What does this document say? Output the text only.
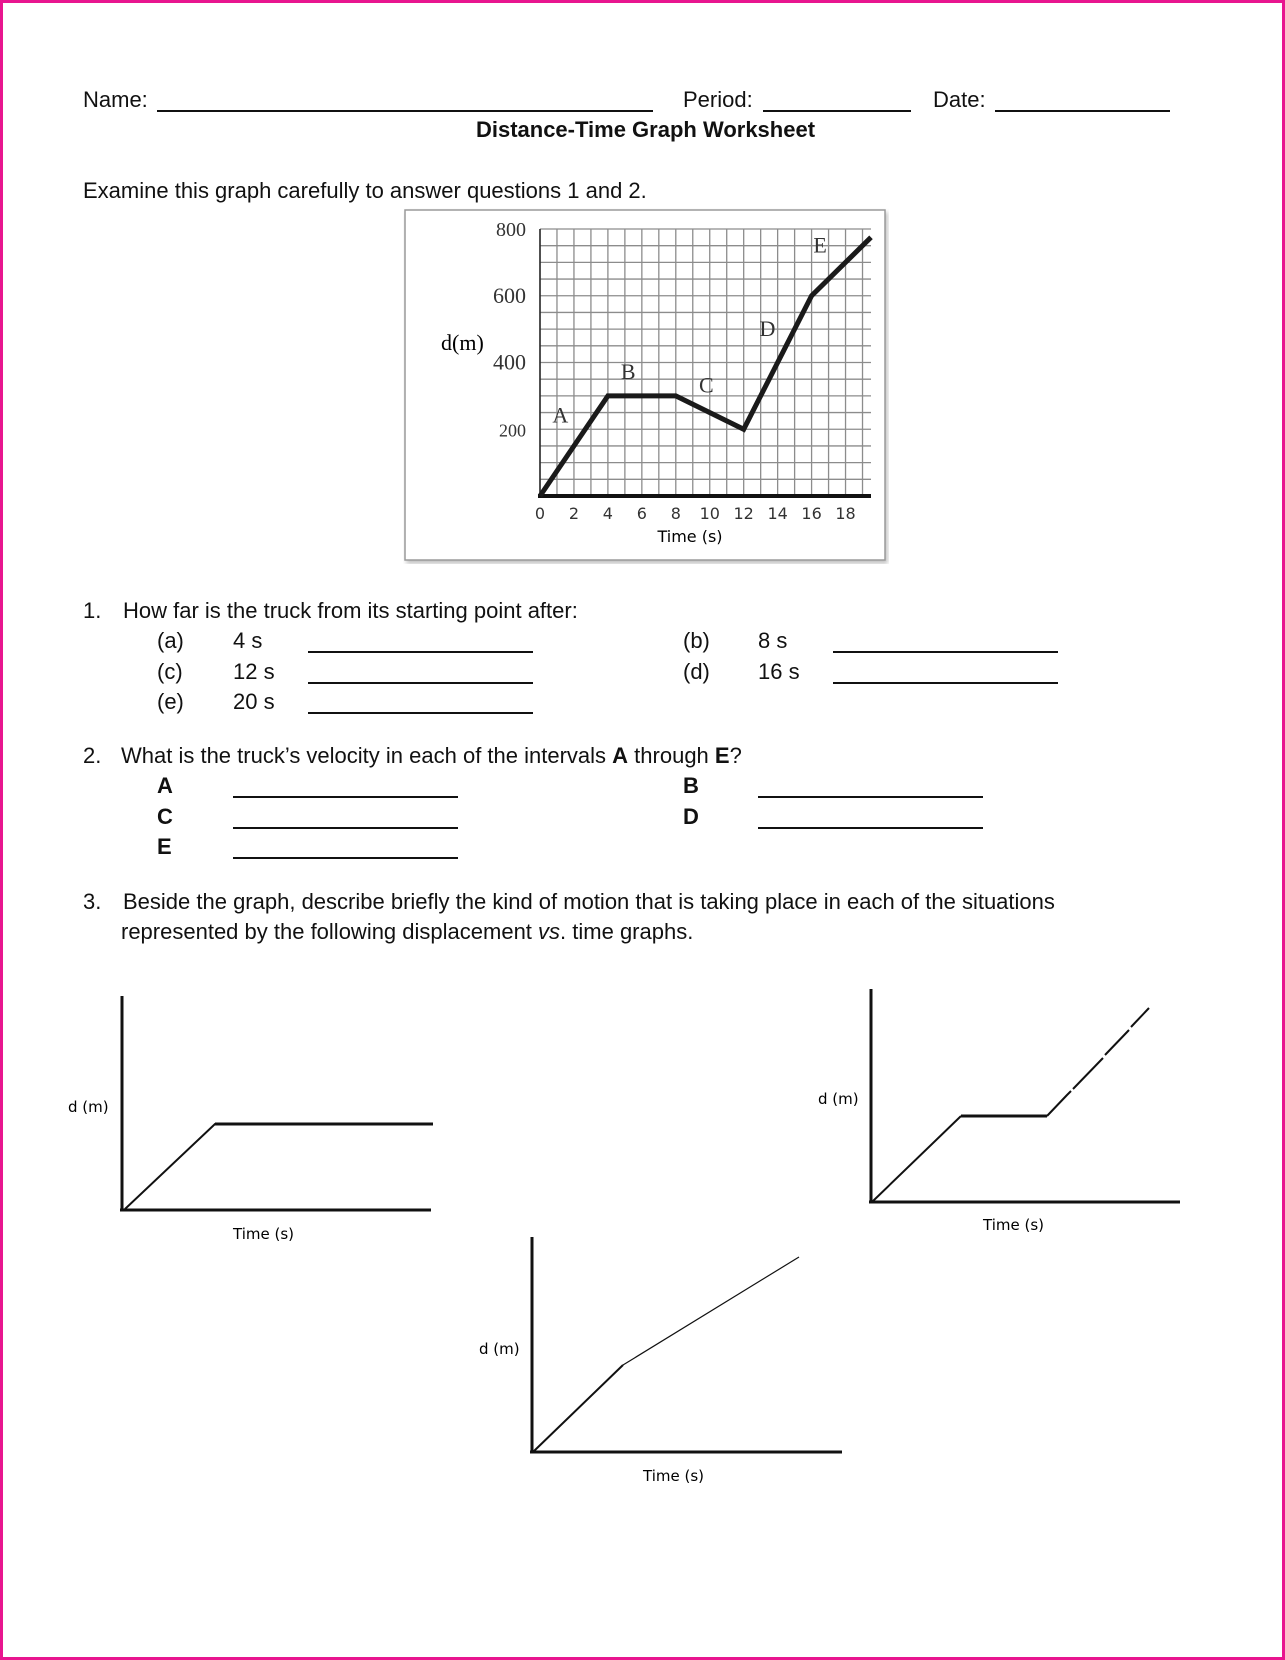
Name:	Period:	Date:
Distance-Time Graph Worksheet
Examine this graph carefully to answer questions 1 and 2.
200
400
600
800
0 2 4 6 8 10 12 14 16 18
d(m)
Time (s)
A
B
C
D
E
1. How far is the truck from its starting point after:
(a) 4 s	(b) 8 s
(c) 12 s	(d) 16 s
(e) 20 s
2. What is the truck’s velocity in each of the intervals A through E?
A	B
C	D
E
3. Beside the graph, describe briefly the kind of motion that is taking place in each of the situations
represented by the following displacement vs. time graphs.
d (m)
Time (s)
d (m)
Time (s)
d (m)
Time (s)
